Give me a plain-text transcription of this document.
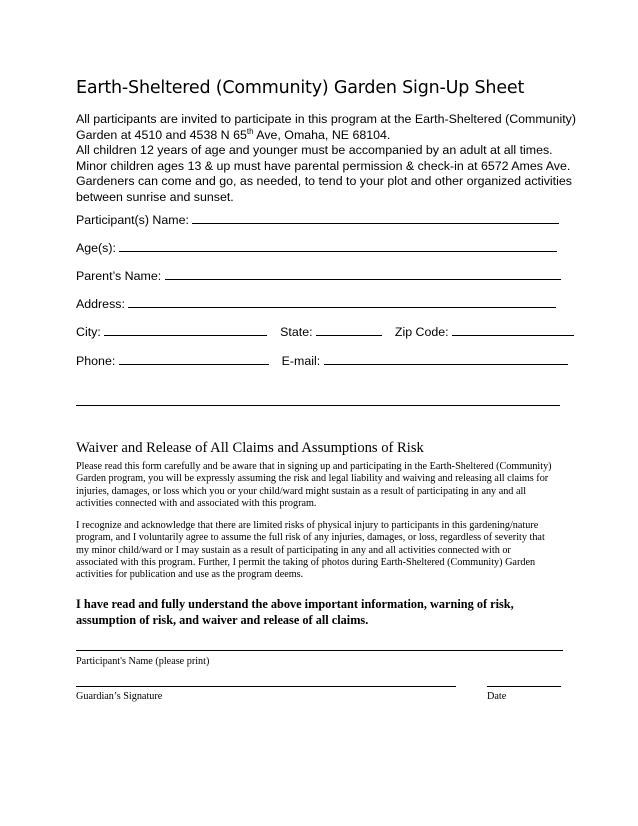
Earth-Sheltered (Community) Garden Sign-Up Sheet

All participants are invited to participate in this program at the Earth-Sheltered (Community)

Garden at 4510 and 4538 N 65th Ave, Omaha, NE 68104.

All children 12 years of age and younger must be accompanied by an adult at all times.

Minor children ages 13 & up must have parental permission & check-in at 6572 Ames Ave.

Gardeners can come and go, as needed, to tend to your plot and other organized activities

between sunrise and sunset.

Participant(s) Name:
Age(s):
Parent’s Name:
Address:
City:	State:	Zip Code:
Phone:	E-mail:
Waiver and Release of All Claims and Assumptions of Risk

Please read this form carefully and be aware that in signing up and participating in the Earth-Sheltered (Community)

Garden program, you will be expressly assuming the risk and legal liability and waiving and releasing all claims for

injuries, damages, or loss which you or your child/ward might sustain as a result of participating in any and all

activities connected with and associated with this program.

I recognize and acknowledge that there are limited risks of physical injury to participants in this gardening/nature

program, and I voluntarily agree to assume the full risk of any injuries, damages, or loss, regardless of severity that

my minor child/ward or I may sustain as a result of participating in any and all activities connected with or

associated with this program. Further, I permit the taking of photos during Earth-Sheltered (Community) Garden

activities for publication and use as the program deems.

I have read and fully understand the above important information, warning of risk,

assumption of risk, and waiver and release of all claims.

Participant's Name (please print)
Guardian’s Signature	Date
